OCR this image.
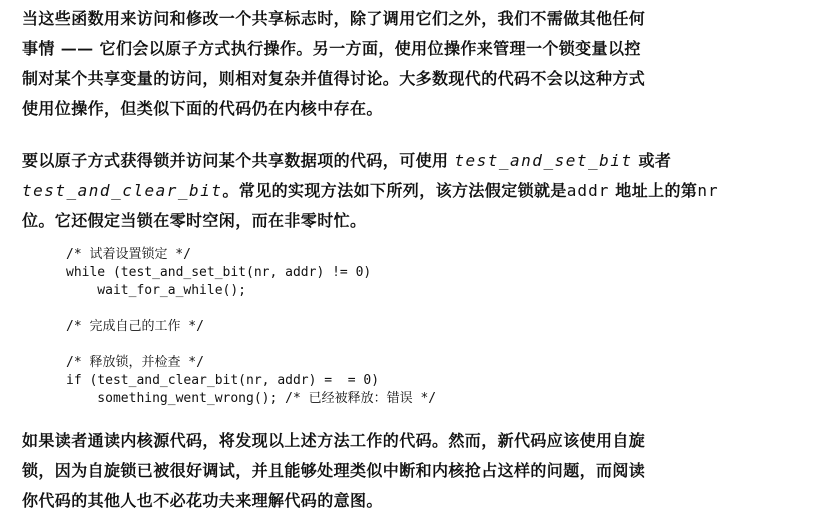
当这些函数用来访问和修改一个共享标志时，除了调用它们之外，我们不需做其他任何
事情 —— 它们会以原子方式执行操作。另一方面，使用位操作来管理一个锁变量以控
制对某个共享变量的访问，则相对复杂并值得讨论。大多数现代的代码不会以这种方式
使用位操作，但类似下面的代码仍在内核中存在。

要以原子方式获得锁并访问某个共享数据项的代码，可使用 test_and_set_bit 或者
test_and_clear_bit。常见的实现方法如下所列，该方法假定锁就是addr 地址上的第nr
位。它还假定当锁在零时空闲，而在非零时忙。

/* 试着设置锁定 */
while (test_and_set_bit(nr, addr) != 0)
wait_for_a_while();
/* 完成自己的工作 */
/* 释放锁，并检查 */
if (test_and_clear_bit(nr, addr) =  = 0)
something_went_wrong(); /* 已经被释放：错误 */

如果读者通读内核源代码，将发现以上述方法工作的代码。然而，新代码应该使用自旋
锁，因为自旋锁已被很好调试，并且能够处理类似中断和内核抢占这样的问题，而阅读
你代码的其他人也不必花功夫来理解代码的意图。
